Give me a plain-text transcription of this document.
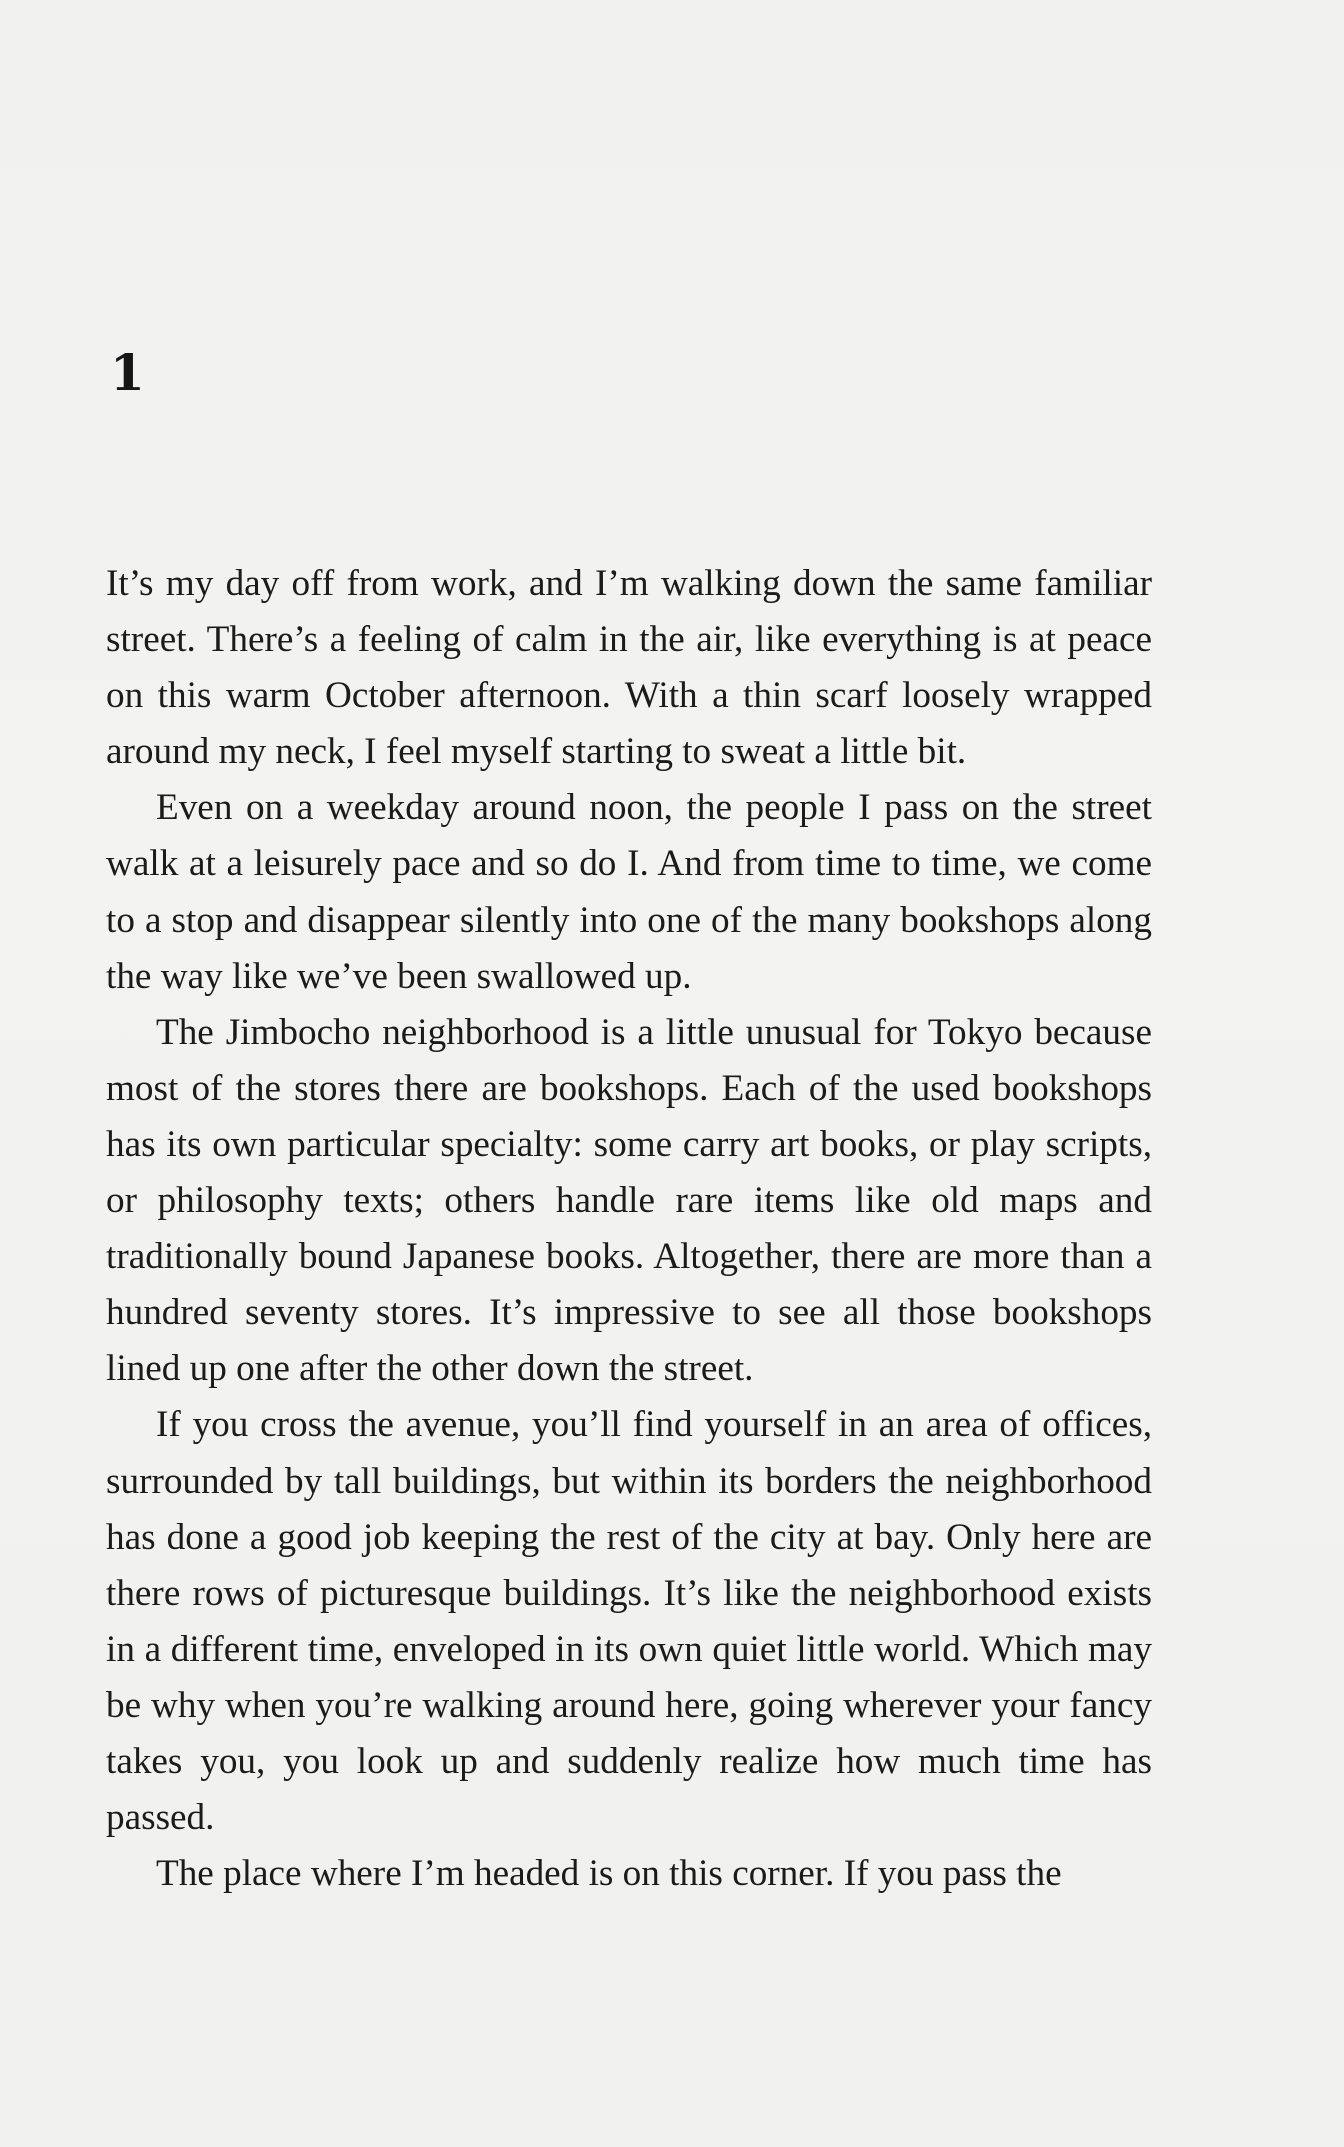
1

It’s my day off from work, and I’m walking down the same familiar street. There’s a feeling of calm in the air, like everything is at peace on this warm October afternoon. With a thin scarf loosely wrapped around my neck, I feel myself starting to sweat a little bit.

Even on a weekday around noon, the people I pass on the street walk at a leisurely pace and so do I. And from time to time, we come to a stop and disappear silently into one of the many bookshops along the way like we’ve been swallowed up.

The Jimbocho neighborhood is a little unusual for Tokyo because most of the stores there are bookshops. Each of the used bookshops has its own particular specialty: some carry art books, or play scripts, or philosophy texts; others handle rare items like old maps and traditionally bound Japanese books. Altogether, there are more than a hundred seventy stores. It’s impressive to see all those bookshops lined up one after the other down the street.

If you cross the avenue, you’ll find yourself in an area of offices, surrounded by tall buildings, but within its borders the neighborhood has done a good job keeping the rest of the city at bay. Only here are there rows of picturesque buildings. It’s like the neighborhood exists in a different time, enveloped in its own quiet little world. Which may be why when you’re walking around here, going wherever your fancy takes you, you look up and suddenly realize how much time has passed.

The place where I’m headed is on this corner. If you pass the
